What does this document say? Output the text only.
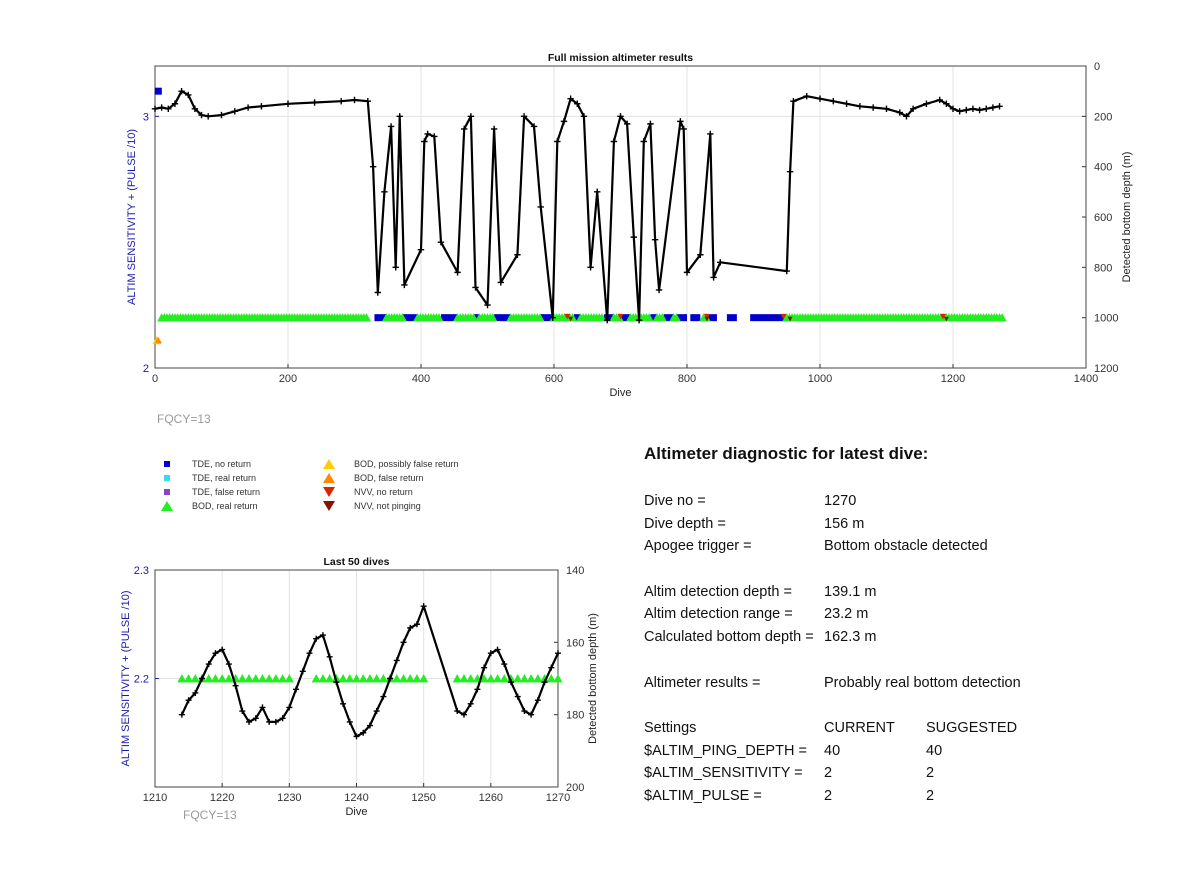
0	200	400	600	800	1000	1200	1400
2
3
0
200
400
600
800
1000
1200
Full mission altimeter results
Dive
ALTIM SENSITIVITY + (PULSE /10)	Detected bottom depth (m)
1210	1220	1230	1240	1250	1260	1270
2.2
2.3	140
160
180
200
Last 50 dives
Dive
ALTIM SENSITIVITY + (PULSE /10)	Detected bottom depth (m)
FQCY=13
FQCY=13
TDE, no return
TDE, real return
TDE, false return
BOD, real return
BOD, possibly false return
BOD, false return
NVV, no return
NVV, not pinging
Altimeter diagnostic for latest dive:
Dive no =	1270
Dive depth =	156 m
Apogee trigger =	Bottom obstacle detected
Altim detection depth = 139.1 m
Altim detection range = 23.2 m
Calculated bottom depth = 162.3 m
Altimeter results =	Probably real bottom detection
Settings	CURRENT SUGGESTED
$ALTIM_PING_DEPTH = 40	40
$ALTIM_SENSITIVITY = 2	2
$ALTIM_PULSE =	2	2
